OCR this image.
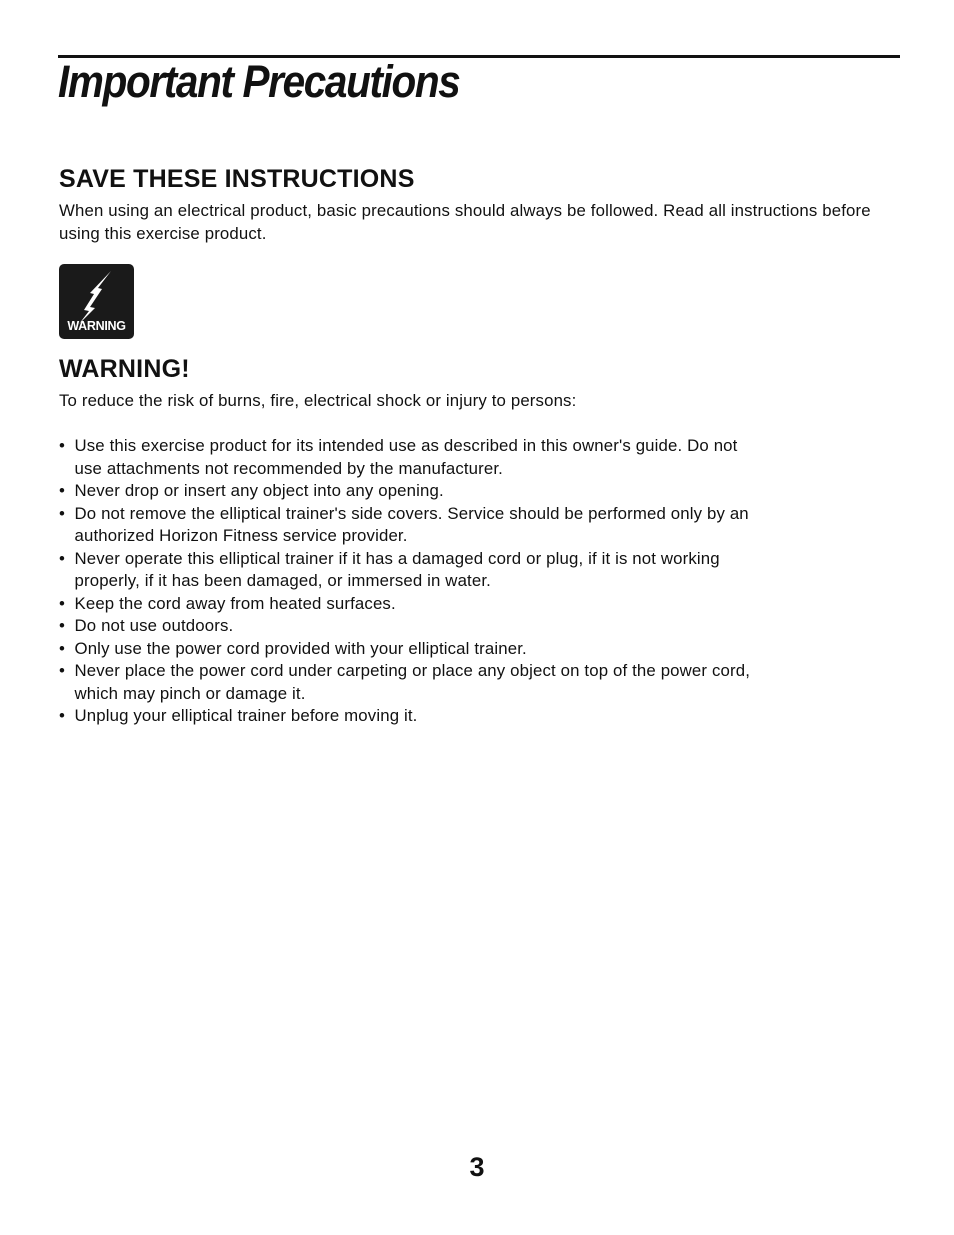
Important Precautions
SAVE THESE INSTRUCTIONS

When using an electrical product, basic precautions should always be followed. Read all instructions before using this exercise product.

WARNING
WARNING!

To reduce the risk of burns, fire, electrical shock or injury to persons:

• Use this exercise product for its intended use as described in this owner's guide. Do not use attachments not recommended by the manufacturer.
• Never drop or insert any object into any opening.
• Do not remove the elliptical trainer's side covers. Service should be performed only by an authorized Horizon Fitness service provider.
• Never operate this elliptical trainer if it has a damaged cord or plug, if it is not working properly, if it has been damaged, or immersed in water.
• Keep the cord away from heated surfaces.
• Do not use outdoors.
• Only use the power cord provided with your elliptical trainer.
• Never place the power cord under carpeting or place any object on top of the power cord, which may pinch or damage it.
• Unplug your elliptical trainer before moving it.
3
